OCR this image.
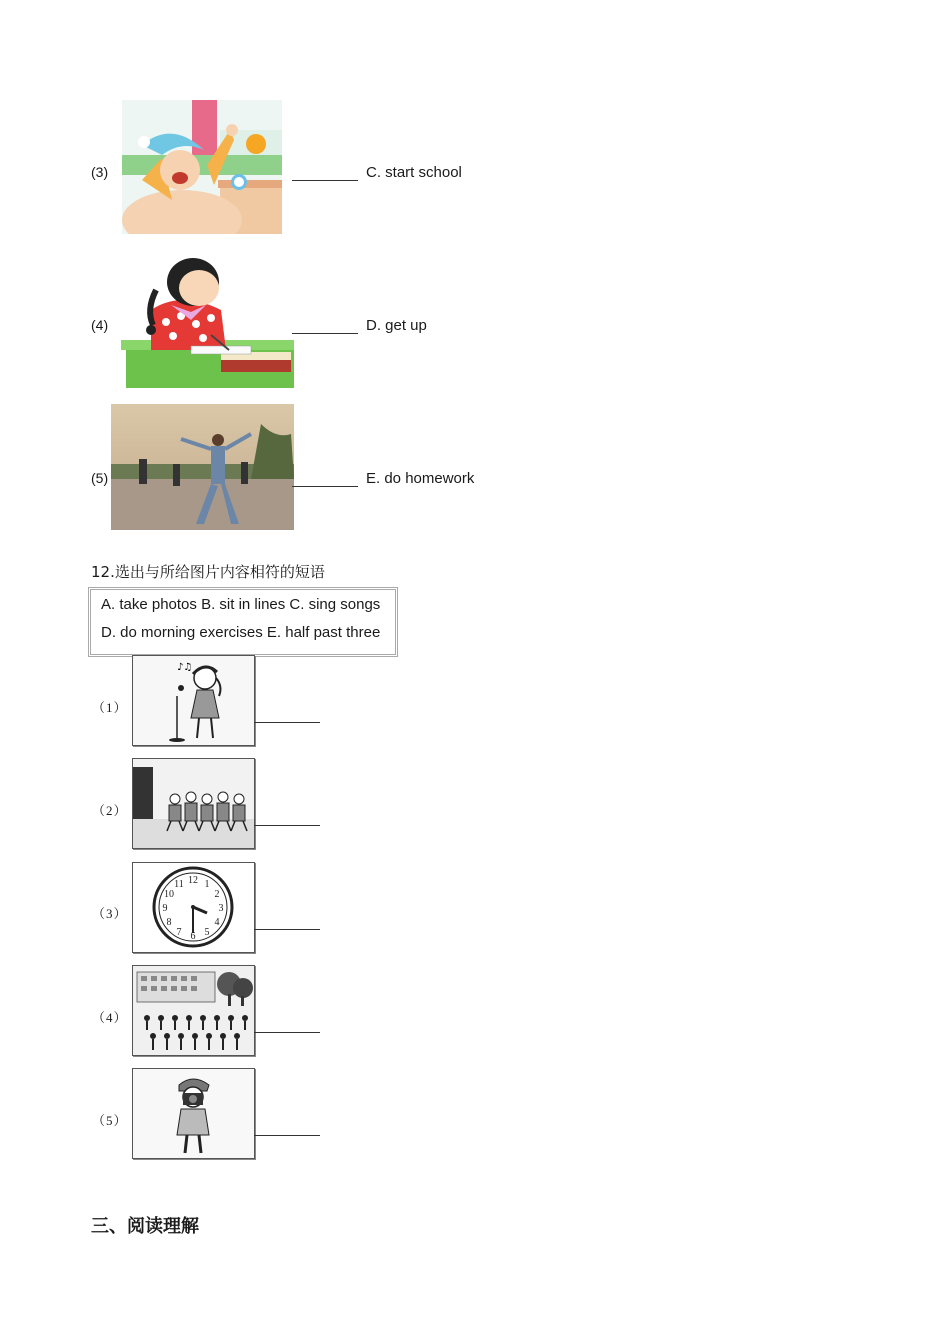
(3)	C. start school
(4)	D. get up
(5)	E. do homework
12.选出与所给图片内容相符的短语
A. take photos B. sit in lines C. sing songs
D. do morning exercises E. half past three
（1）
♪♫
（2）
（3）
12 1
2
3
4
5
6
7
8
9
10
11
（4）
（5）
三、阅读理解
